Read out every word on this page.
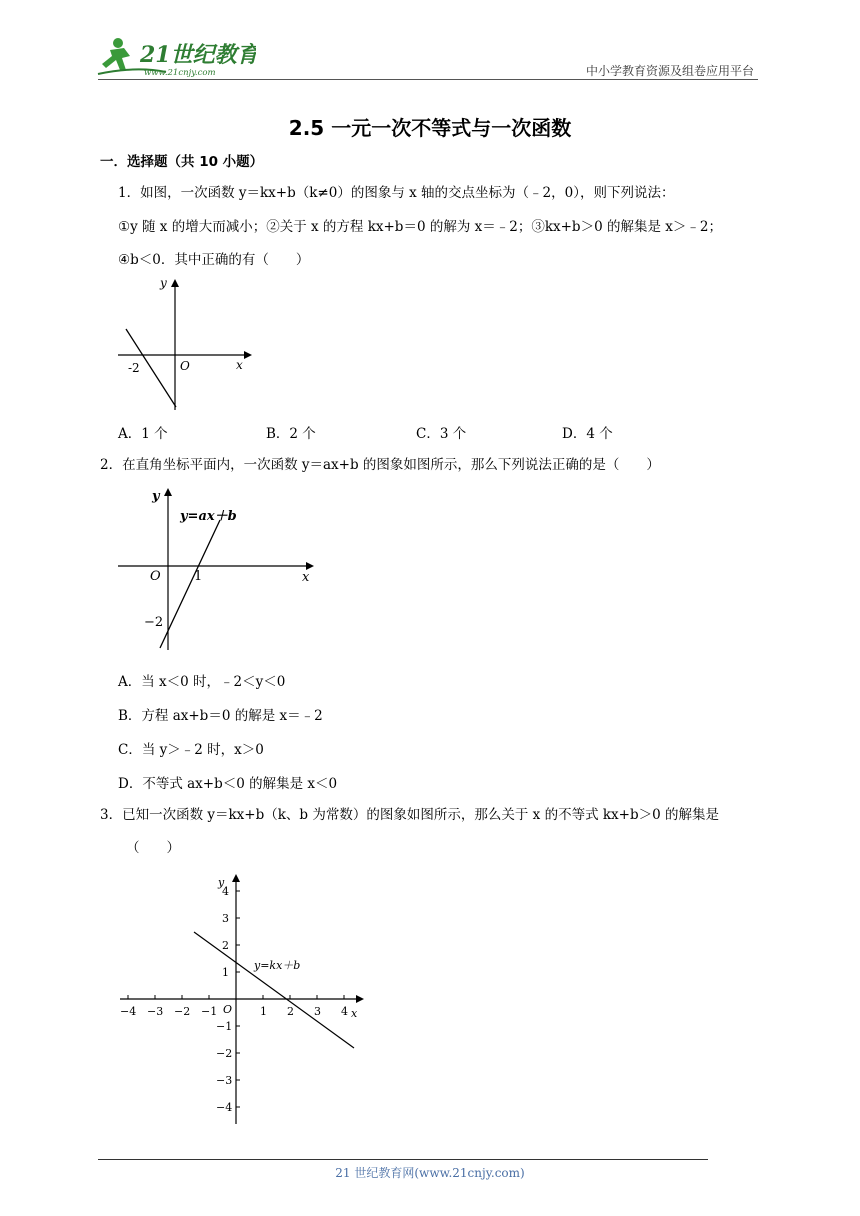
21世纪教育
www.21cnjy.com	中小学教育资源及组卷应用平台
2.5 一元一次不等式与一次函数
一．选择题（共 10 小题）
1．如图，一次函数 y＝kx+b（k≠0）的图象与 x 轴的交点坐标为（﹣2，0），则下列说法：
①y 随 x 的增大而减小；②关于 x 的方程 kx+b＝0 的解为 x＝﹣2；③kx+b＞0 的解集是 x＞﹣2；
④b＜0．其中正确的有（　　）
y
x
O
-2
A．1 个	B．2 个	C．3 个	D．4 个
2．在直角坐标平面内，一次函数 y＝ax+b 的图象如图所示，那么下列说法正确的是（　　）
y
x
O	1
−2
y=ax＋b
A．当 x＜0 时，﹣2＜y＜0
B．方程 ax+b＝0 的解是 x＝﹣2
C．当 y＞﹣2 时，x＞0
D．不等式 ax+b＜0 的解集是 x＜0
3．已知一次函数 y＝kx+b（k、b 为常数）的图象如图所示，那么关于 x 的不等式 kx+b＞0 的解集是
（　　）
−4 −3 −2 −1	1 2 3 4
4
3
2
1
−1
−2
−3
−4
y
x
O
y=kx＋b
21 世纪教育网(www.21cnjy.com)
